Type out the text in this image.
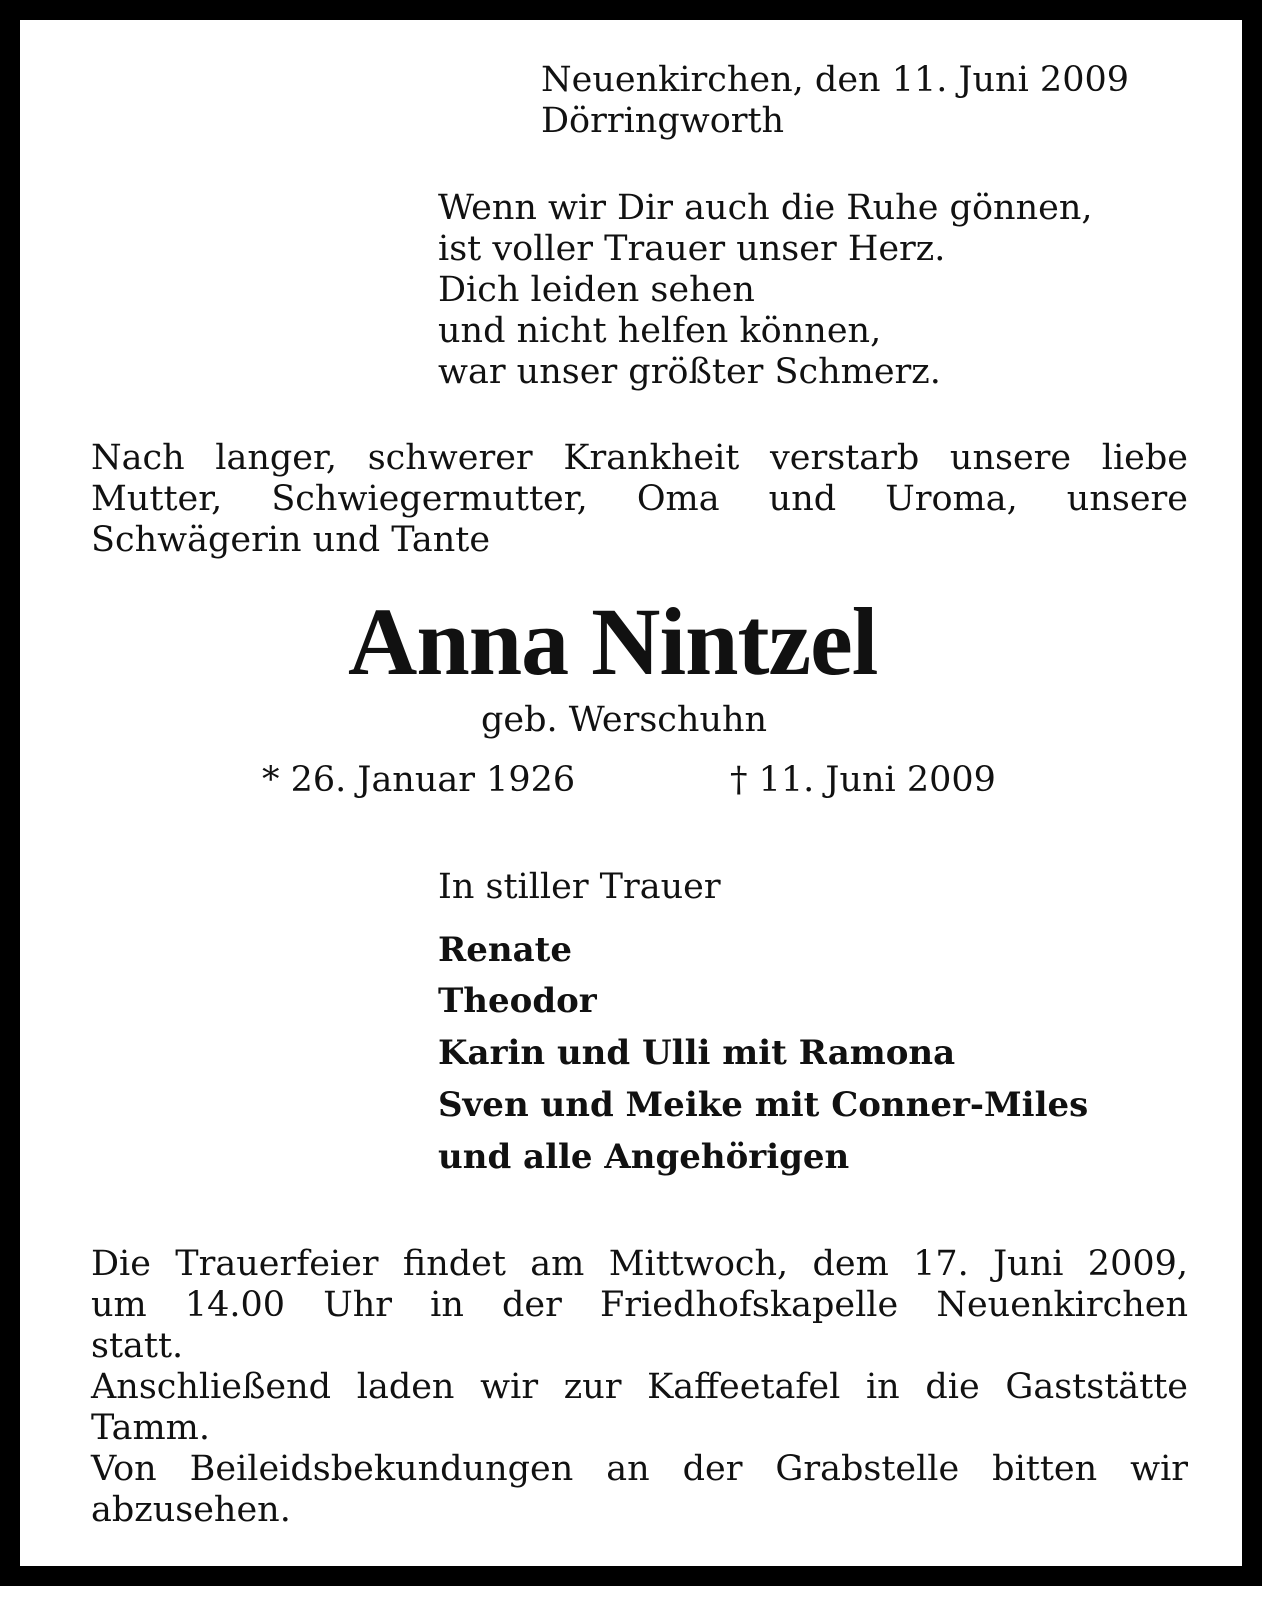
Neuenkirchen, den 11. Juni 2009
Dörringworth
Wenn wir Dir auch die Ruhe gönnen,
ist voller Trauer unser Herz.
Dich leiden sehen
und nicht helfen können,
war unser größter Schmerz.
Nach langer, schwerer Krankheit verstarb unsere liebe
Mutter, Schwiegermutter, Oma und Uroma, unsere
Schwägerin und Tante
Anna Nintzel
geb. Werschuhn
* 26. Januar 1926	† 11. Juni 2009
In stiller Trauer
Renate
Theodor
Karin und Ulli mit Ramona
Sven und Meike mit Conner-Miles
und alle Angehörigen
Die Trauerfeier findet am Mittwoch, dem 17. Juni 2009,
um 14.00 Uhr in der Friedhofskapelle Neuenkirchen
statt.
Anschließend laden wir zur Kaffeetafel in die Gaststätte
Tamm.
Von Beileidsbekundungen an der Grabstelle bitten wir
abzusehen.
